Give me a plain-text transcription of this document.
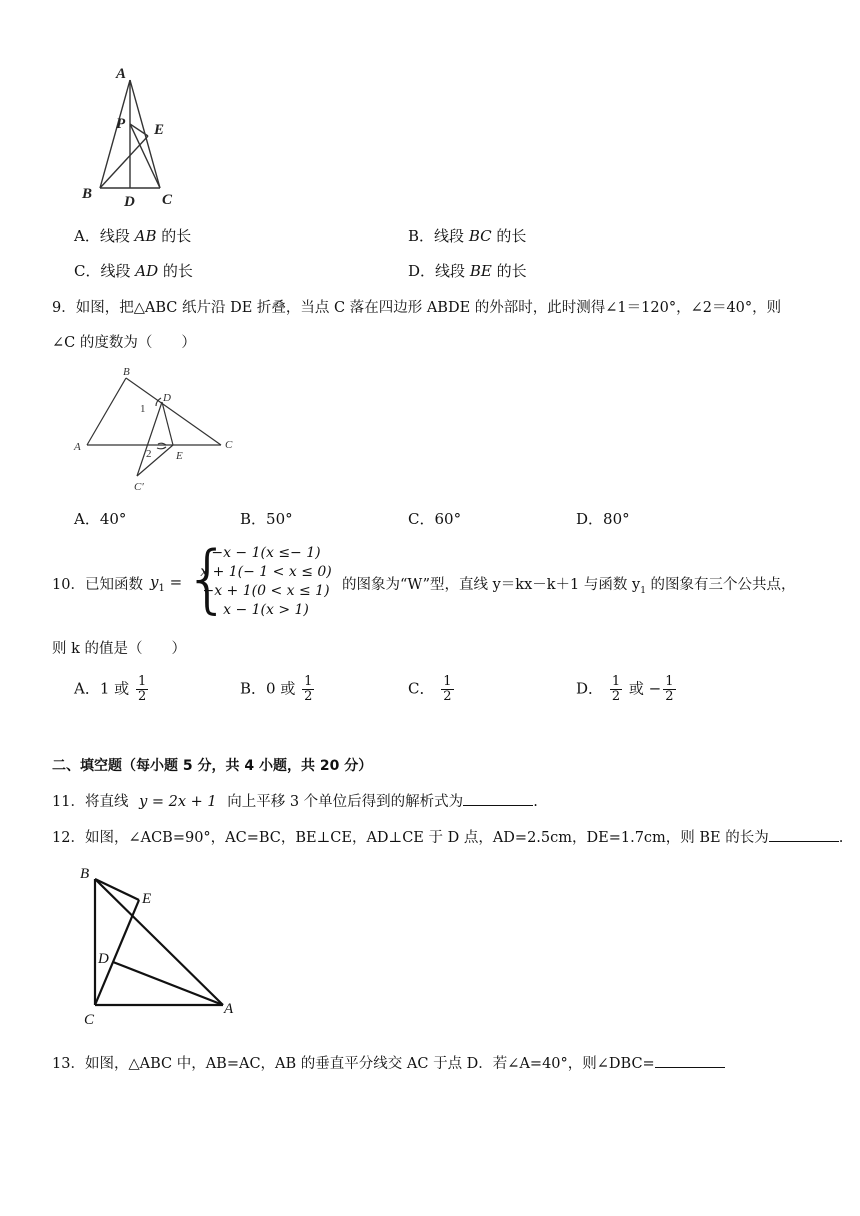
A
P E
B D C
A．线段 AB 的长	B．线段 BC 的长
C．线段 AD 的长	D．线段 BE 的长
9．如图，把△ABC 纸片沿 DE 折叠，当点 C 落在四边形 ABDE 的外部时，此时测得∠1＝120°，∠2＝40°，则
∠C 的度数为（　　）
B
D
1
A	C
2 E
C′
A．40°	B．50°	C．60°	D．80°
10．已知函数 $y_1$ = {
−x − 1(x ≤− 1)
x + 1(− 1 < x ≤ 0)
−x + 1(0 < x ≤ 1)
x − 1(x > 1)
的图象为“W”型，直线 y＝kx－k＋1 与函数 $y_1$ 的图象有三个公共点，
则 k 的值是（　　）
A．1 或 $\frac{1}{2}$	B．0 或 $\frac{1}{2}$	C． $\frac{1}{2}$	D． $\frac{1}{2}$ 或 − $\frac{1}{2}$
二、填空题（每小题 5 分，共 4 小题，共 20 分）
11．将直线 y = 2x + 1 向上平移 3 个单位后得到的解析式为	.
12．如图，∠ACB=90°，AC=BC，BE⊥CE，AD⊥CE 于 D 点，AD=2.5cm，DE=1.7cm，则 BE 的长为	.
B
E
D
C
A
13．如图，△ABC 中，AB=AC，AB 的垂直平分线交 AC 于点 D．若∠A=40°，则∠DBC=
